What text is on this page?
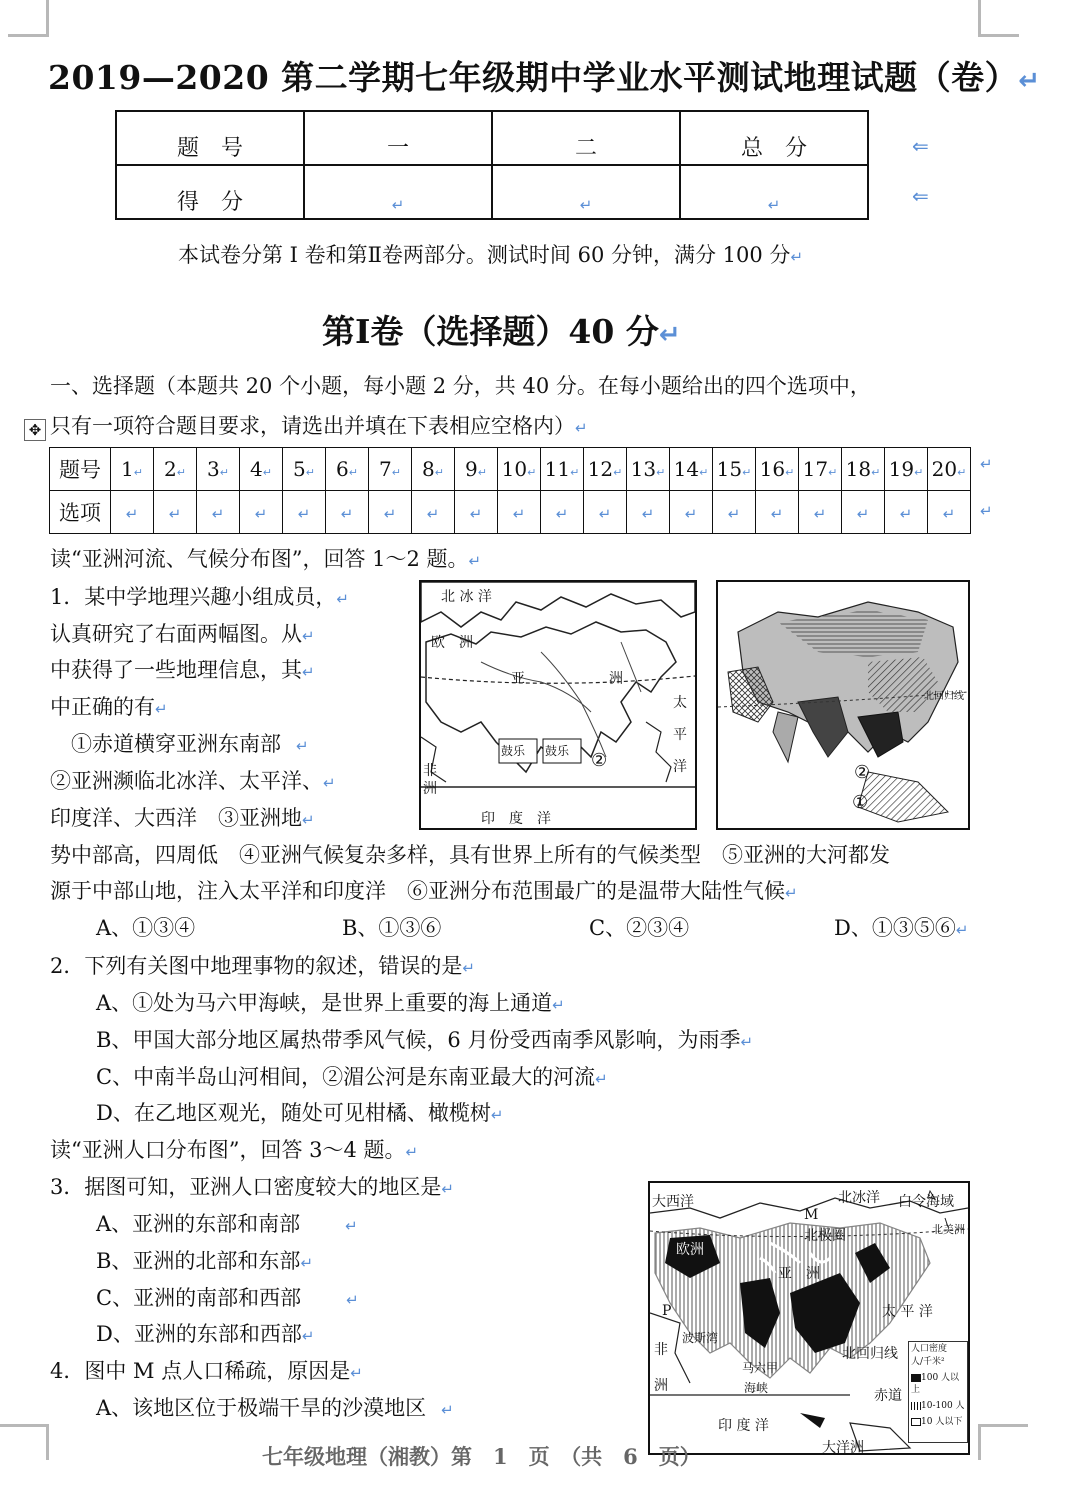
2019—2020 第二学期七年级期中学业水平测试地理试题（卷）↵
题　号	一	二	总　分
得　分	↵	↵	↵
⇐
⇐
本试卷分第 I 卷和第Ⅱ卷两部分。测试时间 60 分钟，满分 100 分↵
第Ⅰ卷（选择题）40 分↵
一、选择题（本题共 20 个小题，每小题 2 分，共 40 分。在每小题给出的四个选项中，
✥ 只有一项符合题目要求，请选出并填在下表相应空格内）↵
题号	1↵	2↵	3↵	4↵	5↵	6↵	7↵	8↵	9↵	10↵	11↵	12↵	13↵	14↵	15↵	16↵	17↵	18↵	19↵	20↵
选项	↵	↵	↵	↵	↵	↵	↵	↵	↵	↵	↵	↵	↵	↵	↵	↵	↵	↵	↵	↵
↵
↵
读“亚洲河流、气候分布图”，回答 1～2 题。↵
1．某中学地理兴趣小组成员，↵
认真研究了右面两幅图。从↵
中获得了一些地理信息，其↵
中正确的有↵
　①赤道横穿亚洲东南部　↵
②亚洲濒临北冰洋、太平洋、↵
印度洋、大西洋　③亚洲地↵
北 冰 洋
欧　洲
亚	洲
太
平
洋
非
洲
印　度　洋
鼓乐 鼓乐 ②
北回归线
①
②
势中部高，四周低　④亚洲气候复杂多样，具有世界上所有的气候类型　⑤亚洲的大河都发
源于中部山地，注入太平洋和印度洋　⑥亚洲分布范围最广的是温带大陆性气候↵
A、①③④	B、①③⑥	C、②③④	D、①③⑤⑥↵
2．下列有关图中地理事物的叙述，错误的是↵
A、①处为马六甲海峡，是世界上重要的海上通道↵
B、甲国大部分地区属热带季风气候，6 月份受西南季风影响，为雨季↵
C、中南半岛山河相间，②湄公河是东南亚最大的河流↵
D、在乙地区观光，随处可见柑橘、橄榄树↵
读“亚洲人口分布图”，回答 3～4 题。↵
3．据图可知，亚洲人口密度较大的地区是↵
A、亚洲的东部和南部　　　↵
B、亚洲的北部和东部↵
C、亚洲的南部和西部　　　↵
D、亚洲的东部和西部↵
4．图中 M 点人口稀疏，原因是↵
A、该地区位于极端干旱的沙漠地区　↵
大西洋	北冰洋 白令海域
北美洲
M
北极圈
欧洲
亚　洲
P	太 平 洋
波斯湾
非
洲
北回归线
马六甲
海峡	赤道
印 度 洋
大洋洲
人口密度
人/千米²
100 人以上
10-100 人
10 人以下
七年级地理（湘教）第　1　页　（共　6　页）
